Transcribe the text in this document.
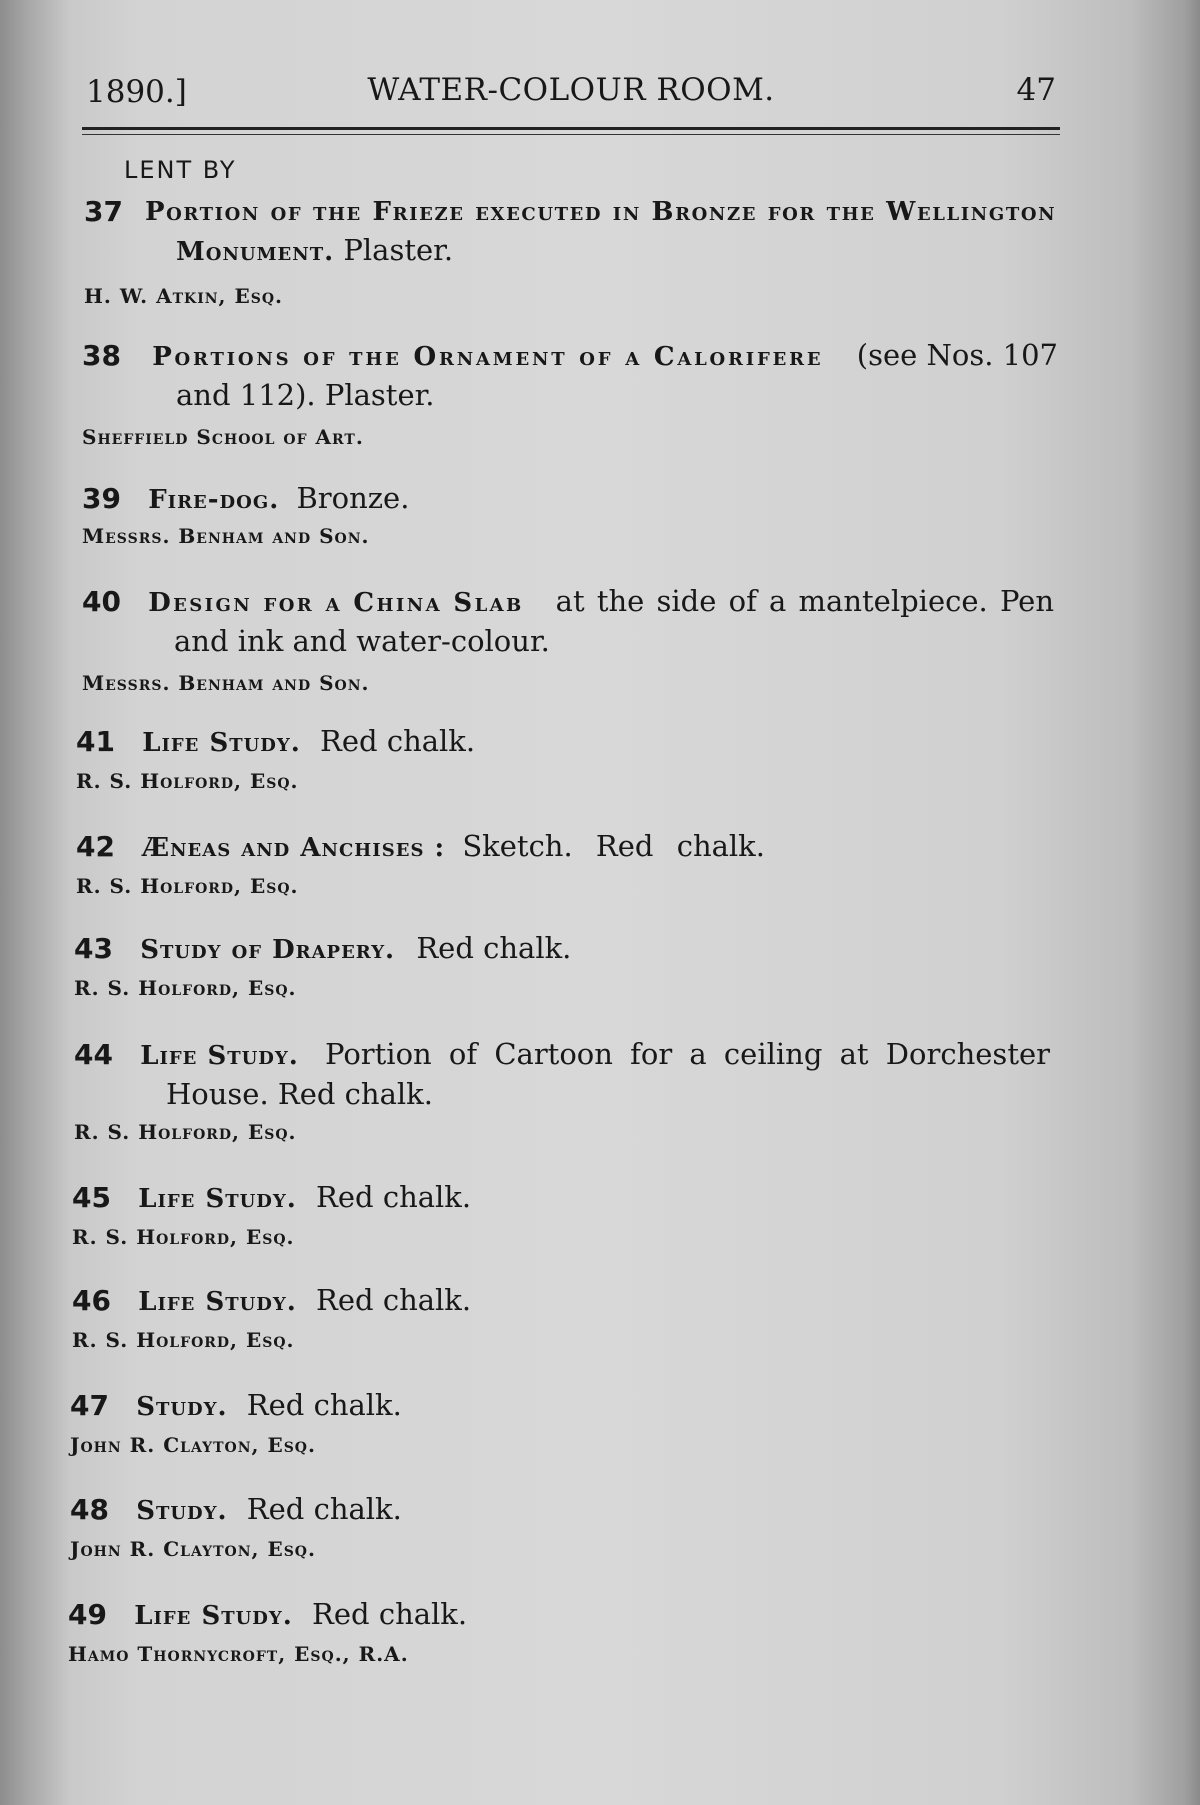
1890.]	WATER-COLOUR ROOM.	47
LENT BY
37 Portion of the Frieze executed in Bronze for the Wellington
Monument. Plaster.
H. W. Atkin, Esq.
38 Portions of the Ornament of a Calorifere (see Nos. 107
and 112). Plaster.
Sheffield School of Art.
39 Fire-dog. Bronze.
Messrs. Benham and Son.
40 Design for a China Slab at the side of a mantelpiece. Pen
and ink and water-colour.
Messrs. Benham and Son.
41 Life Study. Red chalk.
R. S. Holford, Esq.
42 Æneas and Anchises : Sketch. Red chalk.
R. S. Holford, Esq.
43 Study of Drapery. Red chalk.
R. S. Holford, Esq.
44 Life Study. Portion of Cartoon for a ceiling at Dorchester
House. Red chalk.
R. S. Holford, Esq.
45 Life Study. Red chalk.
R. S. Holford, Esq.
46 Life Study. Red chalk.
R. S. Holford, Esq.
47 Study. Red chalk.
John R. Clayton, Esq.
48 Study. Red chalk.
John R. Clayton, Esq.
49 Life Study. Red chalk.
Hamo Thornycroft, Esq., R.A.
